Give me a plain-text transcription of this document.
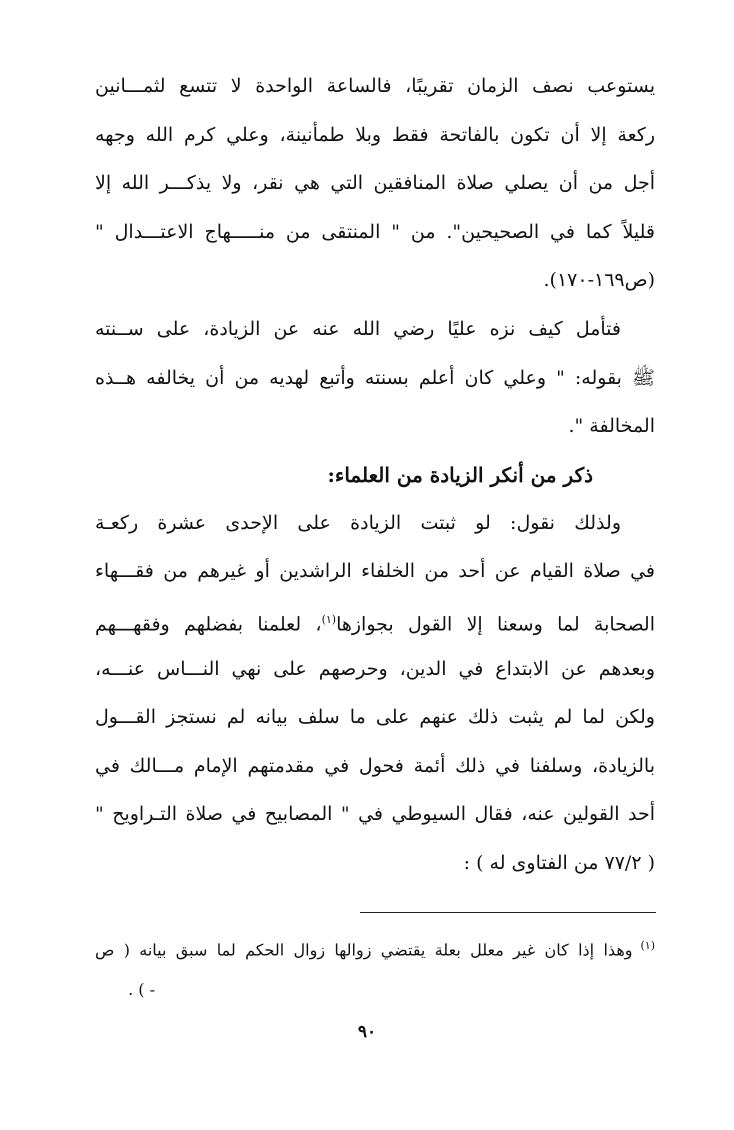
يستوعب نصف الزمان تقريبًا، فالساعة الواحدة لا تتسع لثمـــانين
ركعة إلا أن تكون بالفاتحة فقط وبلا طمأنينة، وعلي كرم الله وجهه
أجل من أن يصلي صلاة المنافقين التي هي نقر، ولا يذكـــر الله إلا
قليلاً كما في الصحيحين". من " المنتقى من منـــــهاج الاعتـــدال "
(ص١٦٩-١٧٠).
فتأمل كيف نزه عليًا رضي الله عنه عن الزيادة، على ســنته
ﷺ بقوله: " وعلي كان أعلم بسنته وأتبع لهديه من أن يخالفه هــذه
المخالفة ".
ذكر من أنكر الزيادة من العلماء:
ولذلك نقول: لو ثبتت الزيادة على الإحدى عشرة ركعـة
في صلاة القيام عن أحد من الخلفاء الراشدين أو غيرهم من فقـــهاء
الصحابة لما وسعنا إلا القول بجوازها$^{(١)}$، لعلمنا بفضلهم وفقهـــهم
وبعدهم عن الابتداع في الدين، وحرصهم على نهي النـــاس عنـــه،
ولكن لما لم يثبت ذلك عنهم على ما سلف بيانه لم نستجز القـــول
بالزيادة، وسلفنا في ذلك أئمة فحول في مقدمتهم الإمام مـــالك في
أحد القولين عنه، فقال السيوطي في " المصابيح في صلاة التـراويح "
( ٧٧/٢ من الفتاوى له ) :
$^{(١)}$وهذا إذا كان غير معلل بعلة يقتضي زوالها زوال الحكم لما سبق بيانه ( ص
- ) .
٩٠
